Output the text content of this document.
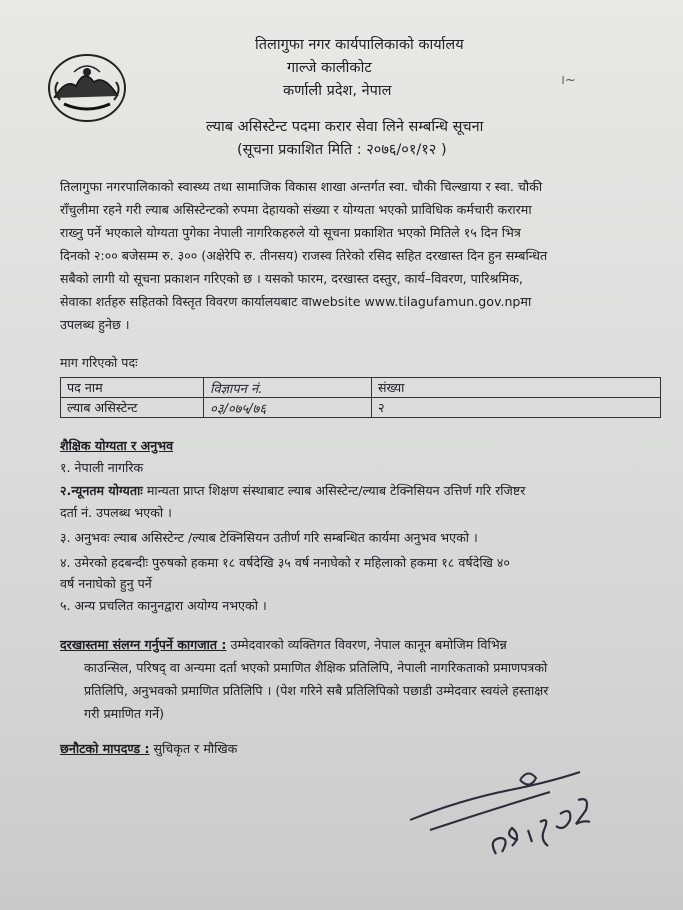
।~
तिलागुफा नगर कार्यपालिकाको कार्यालय
गाल्जे कालीकोट
कर्णाली प्रदेश, नेपाल
ल्याब असिस्टेन्ट पदमा करार सेवा लिने सम्बन्धि सूचना
(सूचना प्रकाशित मिति : २०७६/०१/१२ )
तिलागुफा नगरपालिकाको स्वास्थ्य तथा सामाजिक विकास शाखा अन्तर्गत स्वा. चौकी चिल्खाया र स्वा. चौकी
राँचुलीमा रहने गरी ल्याब असिस्टेन्टको रुपमा देहायको संख्या र योग्यता भएको प्राविधिक कर्मचारी करारमा
राख्नु पर्ने भएकाले योग्यता पुगेका नेपाली नागरिकहरुले यो सूचना प्रकाशित भएको मितिले १५ दिन भित्र
दिनको २:०० बजेसम्म रु. ३०० (अक्षेरेपि रु. तीनसय) राजस्व तिरेको रसिद सहित दरखास्त दिन हुन सम्बन्धित
सबैको लागी यो सूचना प्रकाशन गरिएको छ । यसको फारम, दरखास्त दस्तुर, कार्य–विवरण, पारिश्रमिक,
सेवाका शर्तहरु सहितको विस्तृत विवरण कार्यालयबाट वाwebsite www.tilagufamun.gov.npमा
उपलब्ध हुनेछ ।
माग गरिएको पदः
पद नाम	विज्ञापन नं.	संख्या
ल्याब असिस्टेन्ट	०३/०७५/७६	२
शैक्षिक योग्यता र अनुभव
१. नेपाली नागरिक
२.न्यूनतम योग्यताः मान्यता प्राप्त शिक्षण संस्थाबाट ल्याब असिस्टेन्ट/ल्याब टेक्निसियन उत्तिर्ण गरि रजिष्टर
दर्ता नं. उपलब्ध भएको ।
३. अनुभवः ल्याब असिस्टेन्ट /ल्याब टेक्निसियन उतीर्ण गरि सम्बन्धित कार्यमा अनुभव भएको ।
४. उमेरको हदबन्दीः पुरुषको हकमा १८ वर्षदेखि ३५ वर्ष ननाघेको र महिलाको हकमा १८ वर्षदेखि ४०
वर्ष ननाघेको हुनु पर्ने
५. अन्य प्रचलित कानुनद्वारा अयोग्य नभएको ।
दरखास्तमा संलग्न गर्नुपर्ने कागजात : उम्मेदवारको व्यक्तिगत विवरण, नेपाल कानून बमोजिम विभिन्न
काउन्सिल, परिषद् वा अन्यमा दर्ता भएको प्रमाणित शैक्षिक प्रतिलिपि, नेपाली नागरिकताको प्रमाणपत्रको
प्रतिलिपि, अनुभवको प्रमाणित प्रतिलिपि । (पेश गरिने सबै प्रतिलिपिको पछाडी उम्मेदवार स्वयंले हस्ताक्षर
गरी प्रमाणित गर्ने)
छनौटको मापदण्ड : सुचिकृत र मौखिक
